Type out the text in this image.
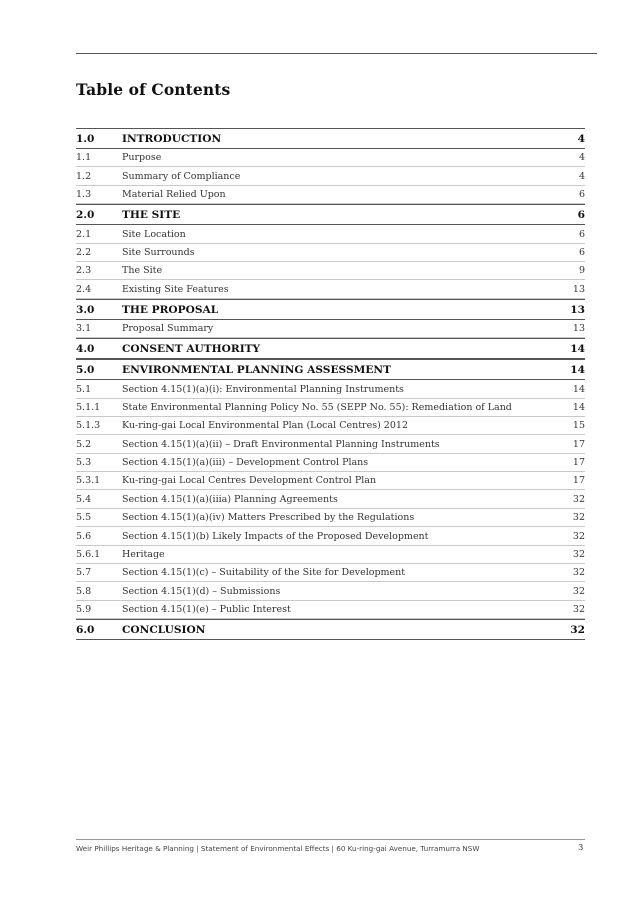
Table of Contents
1.0	INTRODUCTION	4
1.1	Purpose	4
1.2	Summary of Compliance	4
1.3	Material Relied Upon	6
2.0	THE SITE	6
2.1	Site Location	6
2.2	Site Surrounds	6
2.3	The Site	9
2.4	Existing Site Features	13
3.0	THE PROPOSAL	13
3.1	Proposal Summary	13
4.0	CONSENT AUTHORITY	14
5.0	ENVIRONMENTAL PLANNING ASSESSMENT	14
5.1	Section 4.15(1)(a)(i): Environmental Planning Instruments	14
5.1.1	State Environmental Planning Policy No. 55 (SEPP No. 55): Remediation of Land	14
5.1.3	Ku-ring-gai Local Environmental Plan (Local Centres) 2012	15
5.2	Section 4.15(1)(a)(ii) – Draft Environmental Planning Instruments	17
5.3	Section 4.15(1)(a)(iii) – Development Control Plans	17
5.3.1	Ku-ring-gai Local Centres Development Control Plan	17
5.4	Section 4.15(1)(a)(iiia) Planning Agreements	32
5.5	Section 4.15(1)(a)(iv) Matters Prescribed by the Regulations	32
5.6	Section 4.15(1)(b) Likely Impacts of the Proposed Development	32
5.6.1	Heritage	32
5.7	Section 4.15(1)(c) – Suitability of the Site for Development	32
5.8	Section 4.15(1)(d) – Submissions	32
5.9	Section 4.15(1)(e) – Public Interest	32
6.0	CONCLUSION	32
Weir Phillips Heritage & Planning | Statement of Environmental Effects | 60 Ku-ring-gai Avenue, Turramurra NSW	3
